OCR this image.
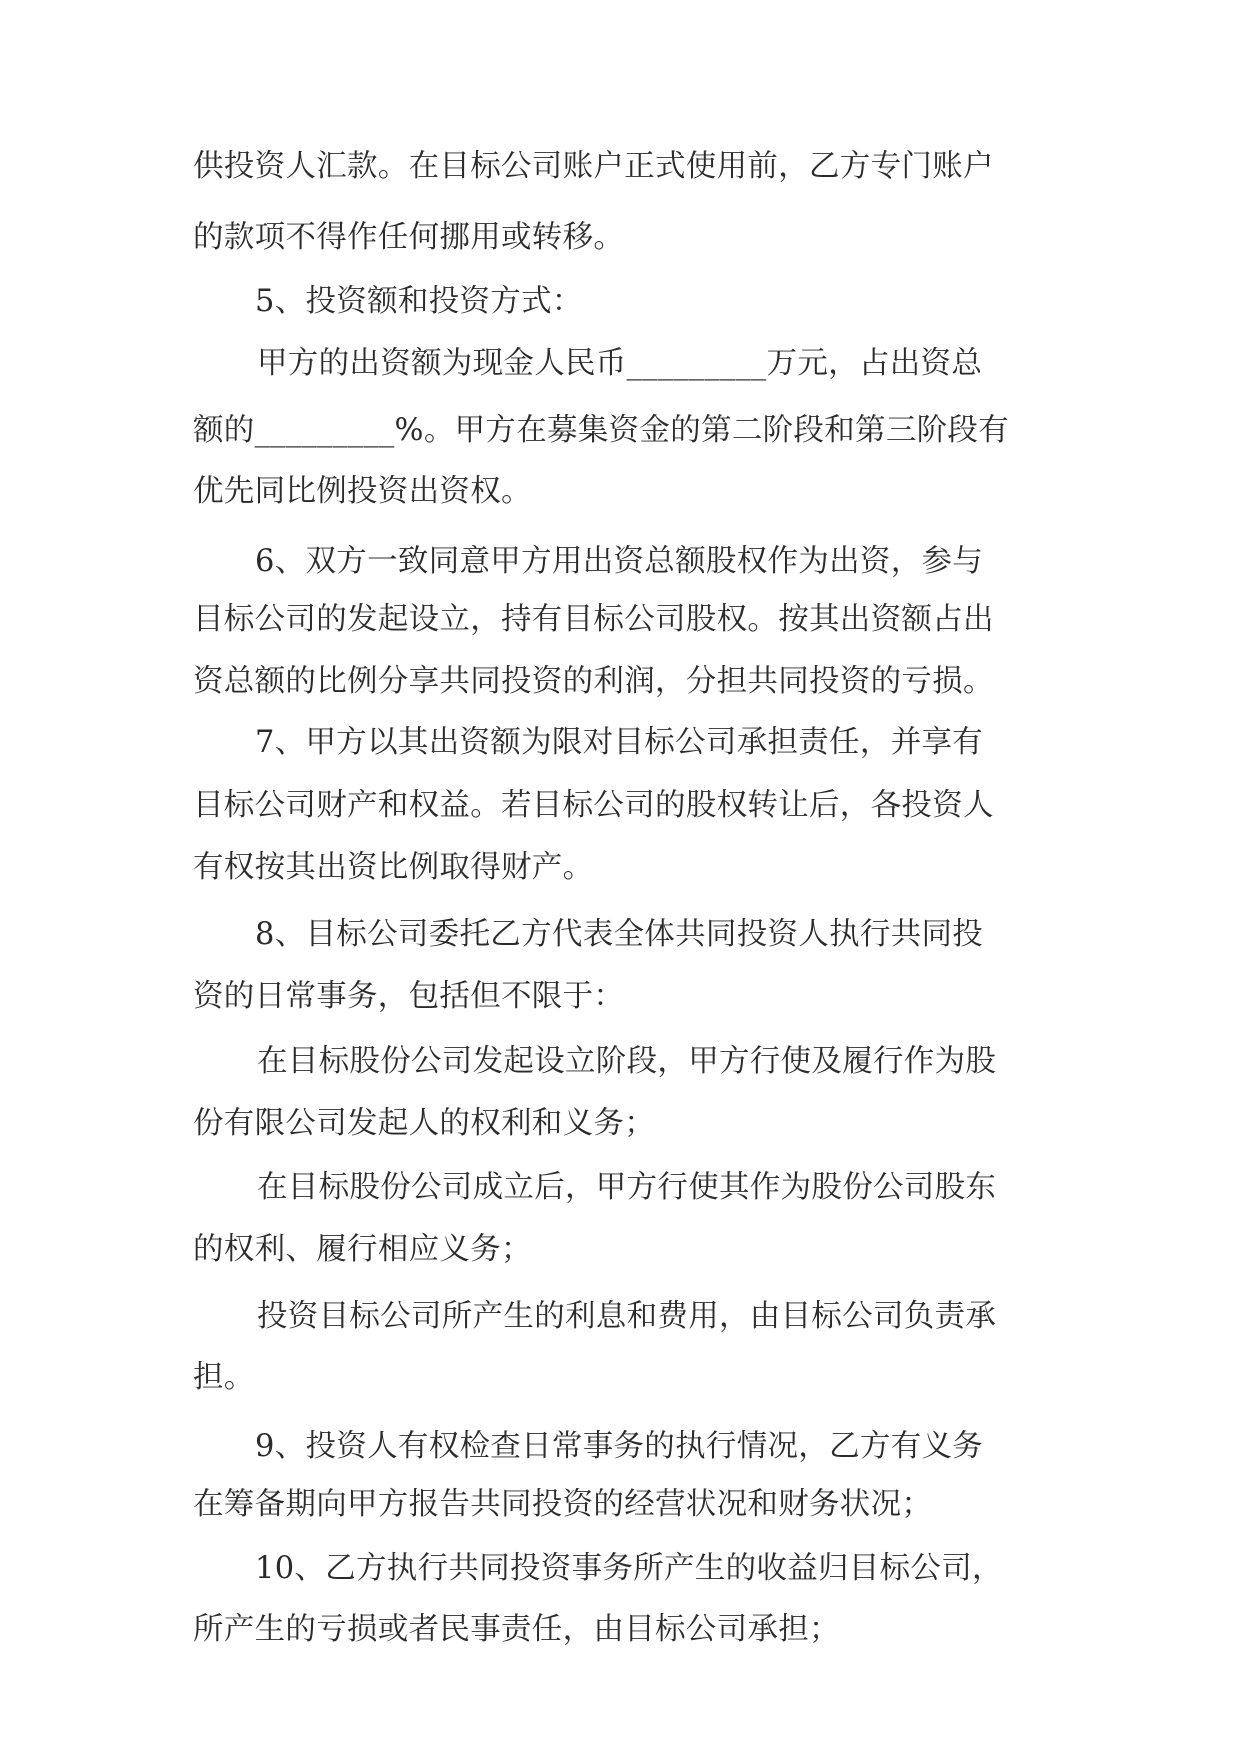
供投资人汇款。在目标公司账户正式使用前，乙方专门账户
的款项不得作任何挪用或转移。
5、投资额和投资方式：
甲方的出资额为现金人民币_________万元，占出资总
额的_________%。甲方在募集资金的第二阶段和第三阶段有
优先同比例投资出资权。
6、双方一致同意甲方用出资总额股权作为出资，参与
目标公司的发起设立，持有目标公司股权。按其出资额占出
资总额的比例分享共同投资的利润，分担共同投资的亏损。
7、甲方以其出资额为限对目标公司承担责任，并享有
目标公司财产和权益。若目标公司的股权转让后，各投资人
有权按其出资比例取得财产。
8、目标公司委托乙方代表全体共同投资人执行共同投
资的日常事务，包括但不限于：
在目标股份公司发起设立阶段，甲方行使及履行作为股
份有限公司发起人的权利和义务；
在目标股份公司成立后，甲方行使其作为股份公司股东
的权利、履行相应义务；
投资目标公司所产生的利息和费用，由目标公司负责承
担。
9、投资人有权检查日常事务的执行情况，乙方有义务
在筹备期向甲方报告共同投资的经营状况和财务状况；
10、乙方执行共同投资事务所产生的收益归目标公司，
所产生的亏损或者民事责任，由目标公司承担；
